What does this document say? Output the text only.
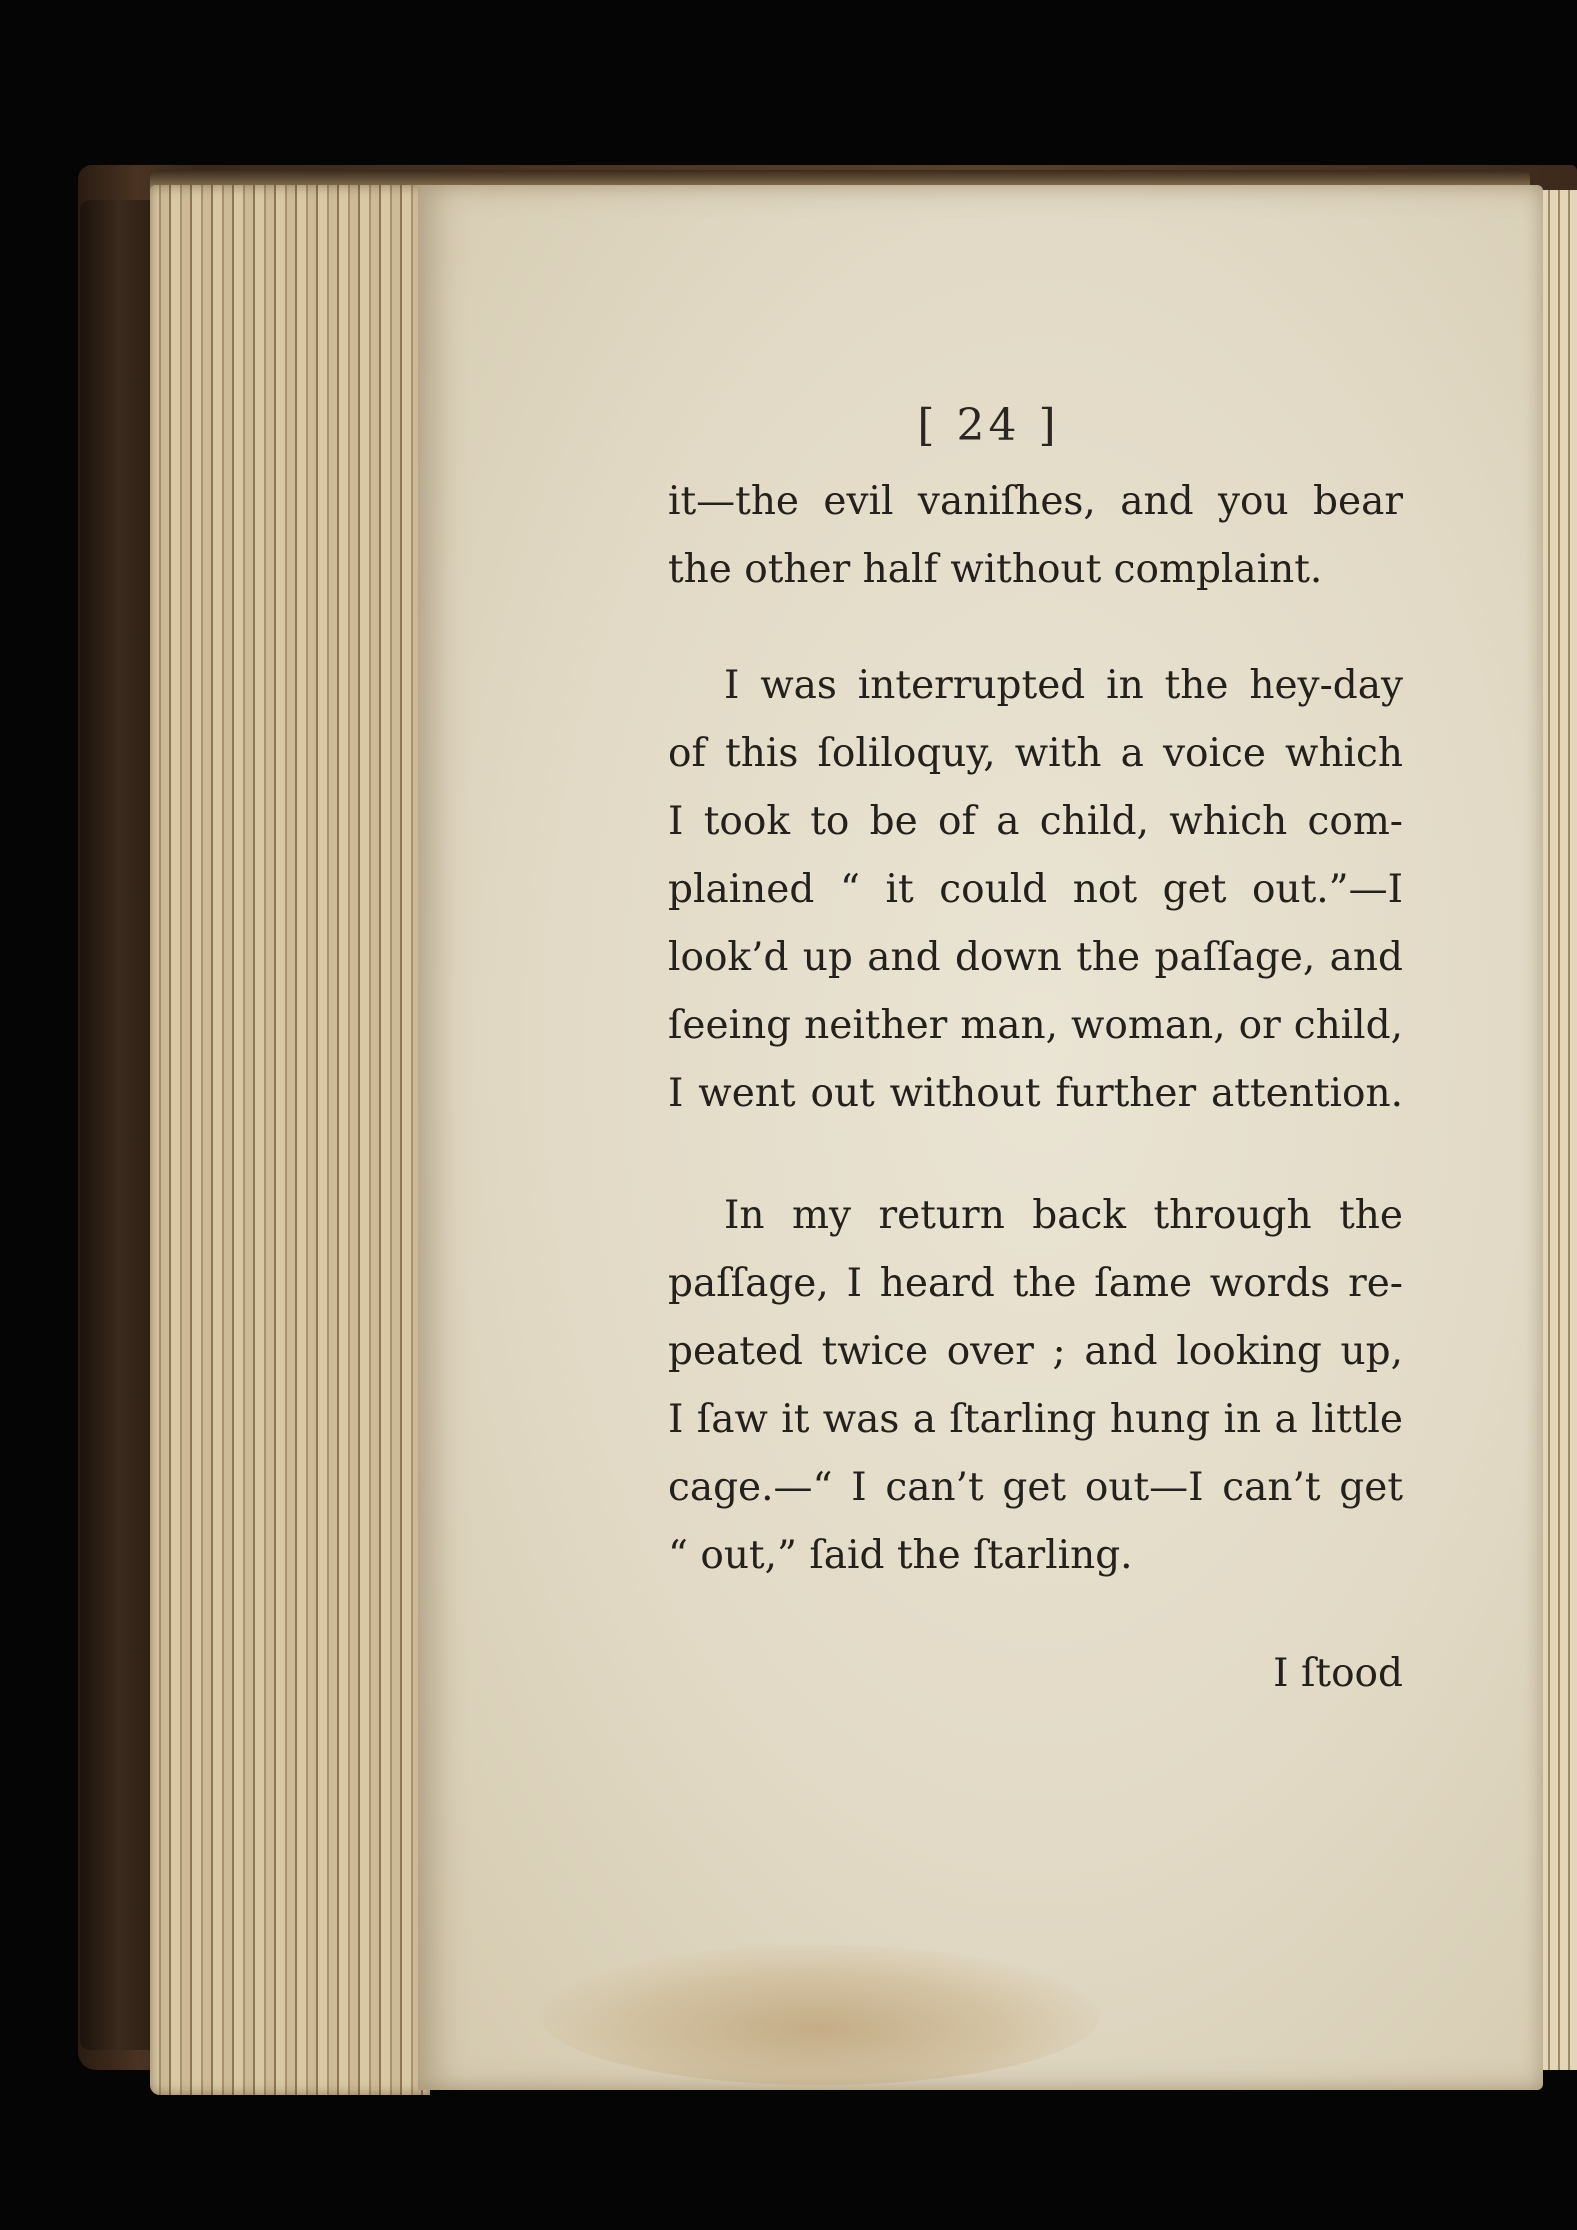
[ 24 ]
it—the evil vaniſhes, and you bear
the other half without complaint.
I was interrupted in the hey-day
of this ſoliloquy, with a voice which
I took to be of a child, which com-
plained “ it could not get out.”—I
look’d up and down the paſſage, and
ſeeing neither man, woman, or child,
I went out without further attention.
In my return back through the
paſſage, I heard the ſame words re-
peated twice over ; and looking up,
I ſaw it was a ſtarling hung in a little
cage.—“ I can’t get out—I can’t get
“ out,” ſaid the ſtarling.
I ſtood
